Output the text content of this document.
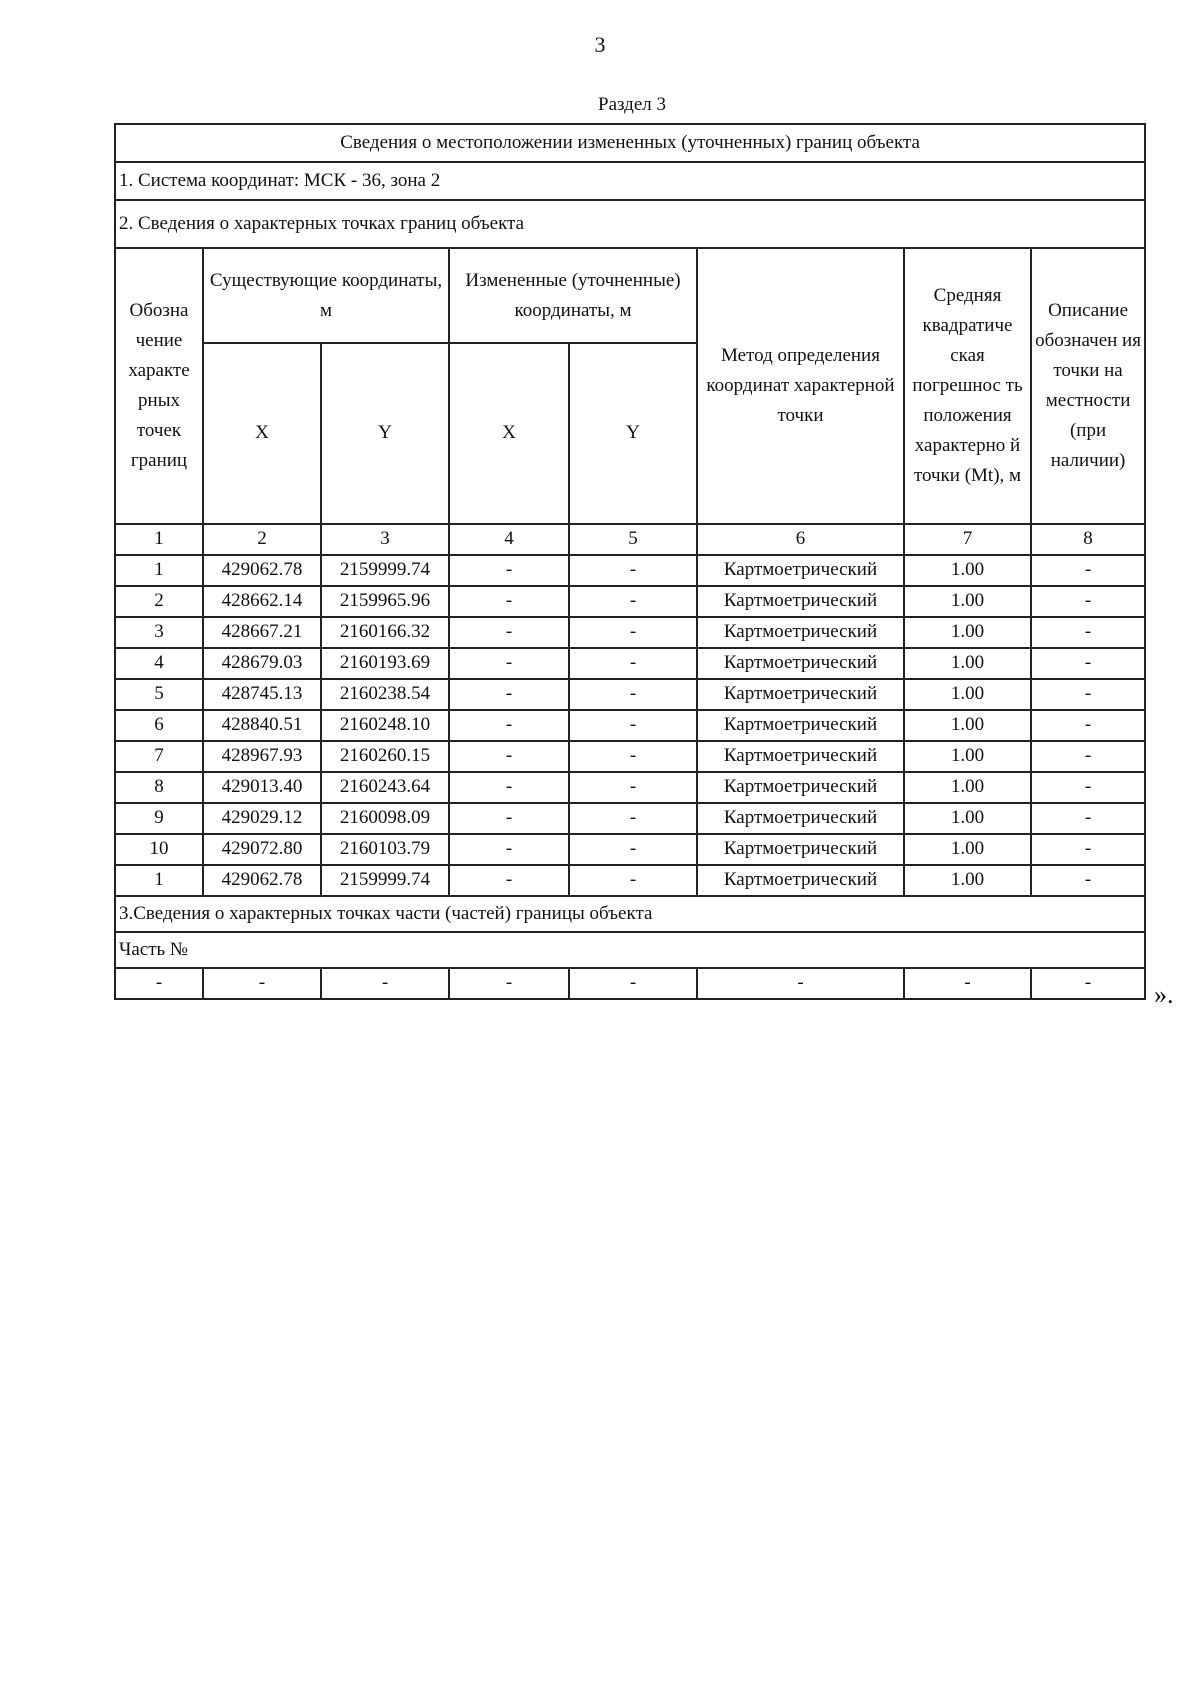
3
Раздел 3
Сведения о местоположении измененных (уточненных) границ объекта							
1. Система координат: МСК - 36, зона 2							
2. Сведения о характерных точках границ объекта							
Обозна чение характе рных точек границ	Существующие координаты, м		Измененные (уточненные) координаты, м		Метод определения координат характерной точки	Средняя квадратиче ская погрешнос ть положения характерно й точки (Mt), м	Описание обозначен ия точки на местности (при наличии)
	X	Y	X	Y			
1	2	3	4	5	6	7	8
1	429062.78	2159999.74	-	-	Картмоетрический	1.00	-
2	428662.14	2159965.96	-	-	Картмоетрический	1.00	-
3	428667.21	2160166.32	-	-	Картмоетрический	1.00	-
4	428679.03	2160193.69	-	-	Картмоетрический	1.00	-
5	428745.13	2160238.54	-	-	Картмоетрический	1.00	-
6	428840.51	2160248.10	-	-	Картмоетрический	1.00	-
7	428967.93	2160260.15	-	-	Картмоетрический	1.00	-
8	429013.40	2160243.64	-	-	Картмоетрический	1.00	-
9	429029.12	2160098.09	-	-	Картмоетрический	1.00	-
10	429072.80	2160103.79	-	-	Картмоетрический	1.00	-
1	429062.78	2159999.74	-	-	Картмоетрический	1.00	-
3.Сведения о характерных точках части (частей) границы объекта							
Часть №							
-	-	-	-	-	-	-	- ».
